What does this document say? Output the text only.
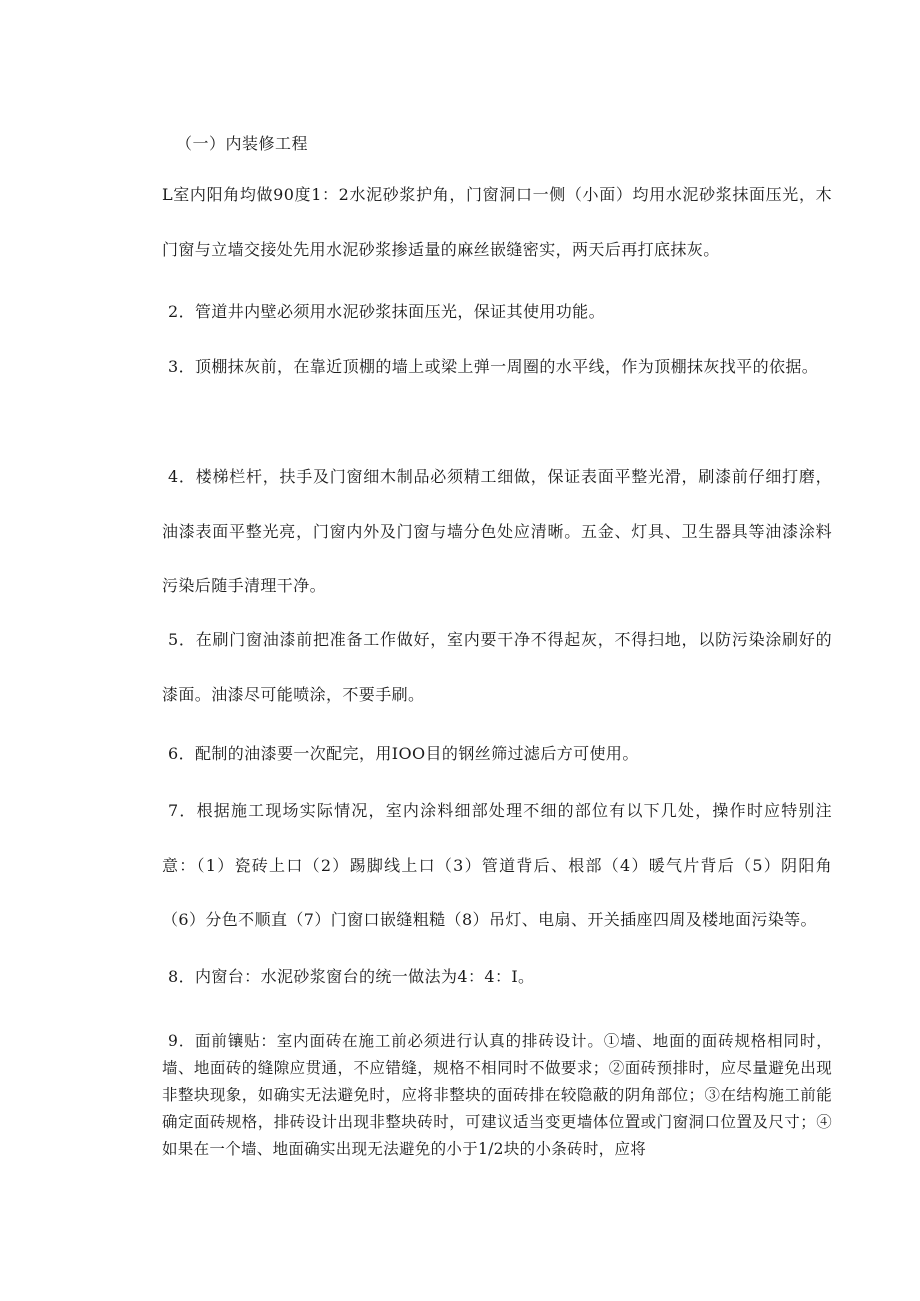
（一）内装修工程

L室内阳角均做90度1：2水泥砂浆护角，门窗洞口一侧（小面）均用水泥砂浆抹面压光，木门窗与立墙交接处先用水泥砂浆掺适量的麻丝嵌缝密实，两天后再打底抹灰。

2．管道井内壁必须用水泥砂浆抹面压光，保证其使用功能。

3．顶棚抹灰前，在靠近顶棚的墙上或梁上弹一周圈的水平线，作为顶棚抹灰找平的依据。

4．楼梯栏杆，扶手及门窗细木制品必须精工细做，保证表面平整光滑，刷漆前仔细打磨，油漆表面平整光亮，门窗内外及门窗与墙分色处应清晰。五金、灯具、卫生器具等油漆涂料污染后随手清理干净。

5．在刷门窗油漆前把准备工作做好，室内要干净不得起灰，不得扫地，以防污染涂刷好的漆面。油漆尽可能喷涂，不要手刷。

6．配制的油漆要一次配完，用IOO目的钢丝筛过滤后方可使用。

7．根据施工现场实际情况，室内涂料细部处理不细的部位有以下几处，操作时应特别注意：（1）瓷砖上口（2）踢脚线上口（3）管道背后、根部（4）暖气片背后（5）阴阳角（6）分色不顺直（7）门窗口嵌缝粗糙（8）吊灯、电扇、开关插座四周及楼地面污染等。

8．内窗台：水泥砂浆窗台的统一做法为4：4：I。

9．面前镶贴：室内面砖在施工前必须进行认真的排砖设计。①墙、地面的面砖规格相同时，墙、地面砖的缝隙应贯通，不应错缝，规格不相同时不做要求；②面砖预排时，应尽量避免出现非整块现象，如确实无法避免时，应将非整块的面砖排在较隐蔽的阴角部位；③在结构施工前能确定面砖规格，排砖设计出现非整块砖时，可建议适当变更墙体位置或门窗洞口位置及尺寸；④如果在一个墙、地面确实出现无法避免的小于1/2块的小条砖时，应将
